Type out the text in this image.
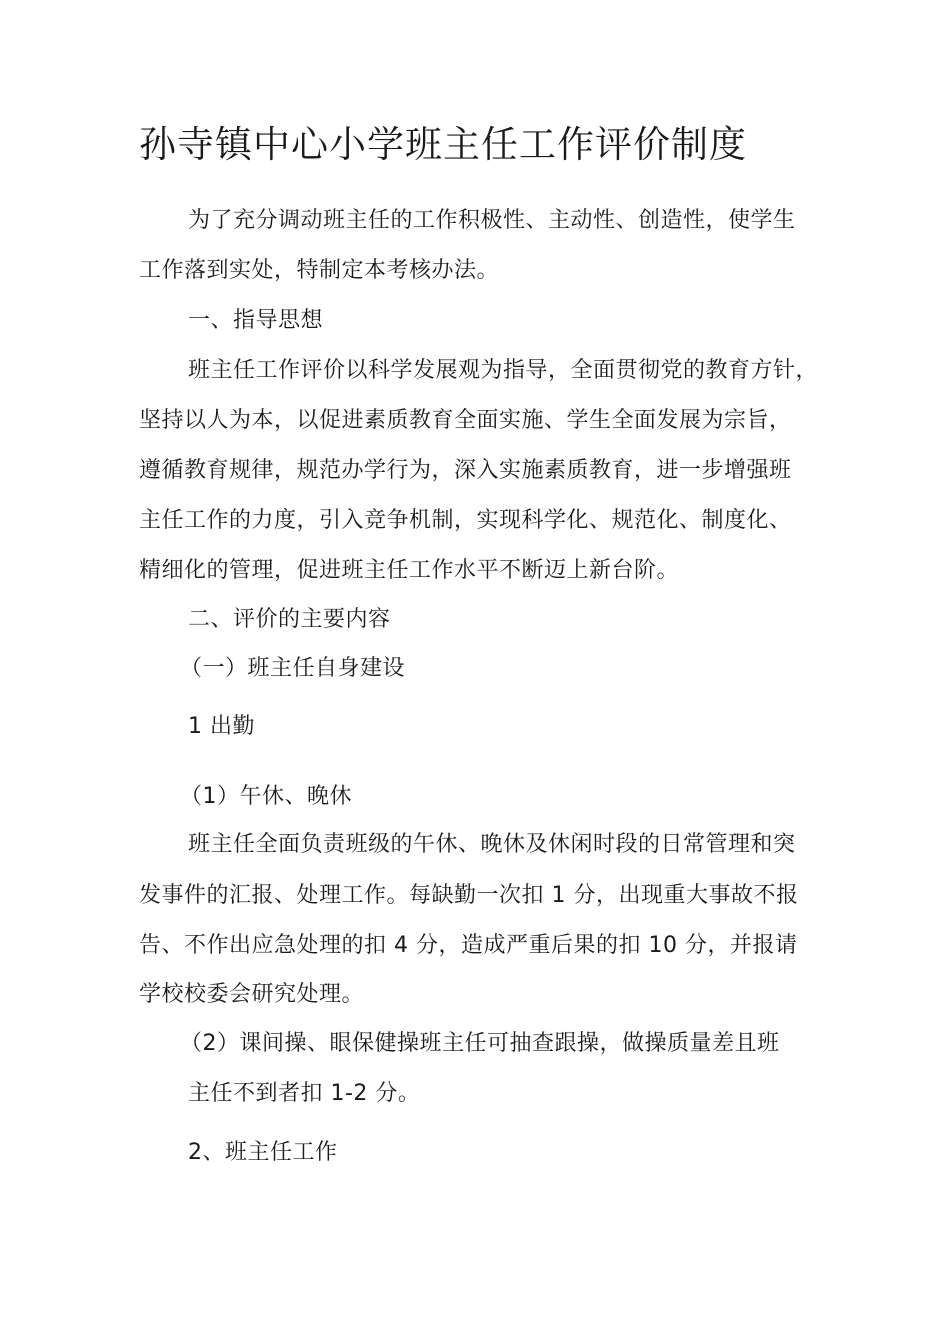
孙寺镇中心小学班主任工作评价制度
为了充分调动班主任的工作积极性、主动性、创造性，使学生
工作落到实处，特制定本考核办法。
一、指导思想
班主任工作评价以科学发展观为指导，全面贯彻党的教育方针，
坚持以人为本，以促进素质教育全面实施、学生全面发展为宗旨，
遵循教育规律，规范办学行为，深入实施素质教育，进一步增强班
主任工作的力度，引入竞争机制，实现科学化、规范化、制度化、
精细化的管理，促进班主任工作水平不断迈上新台阶。
二、评价的主要内容
（一）班主任自身建设
1 出勤
（1）午休、晚休
班主任全面负责班级的午休、晚休及休闲时段的日常管理和突
发事件的汇报、处理工作。每缺勤一次扣 1 分，出现重大事故不报
告、不作出应急处理的扣 4 分，造成严重后果的扣 10 分，并报请
学校校委会研究处理。
（2）课间操、眼保健操班主任可抽查跟操，做操质量差且班
主任不到者扣 1-2 分。
2、班主任工作
